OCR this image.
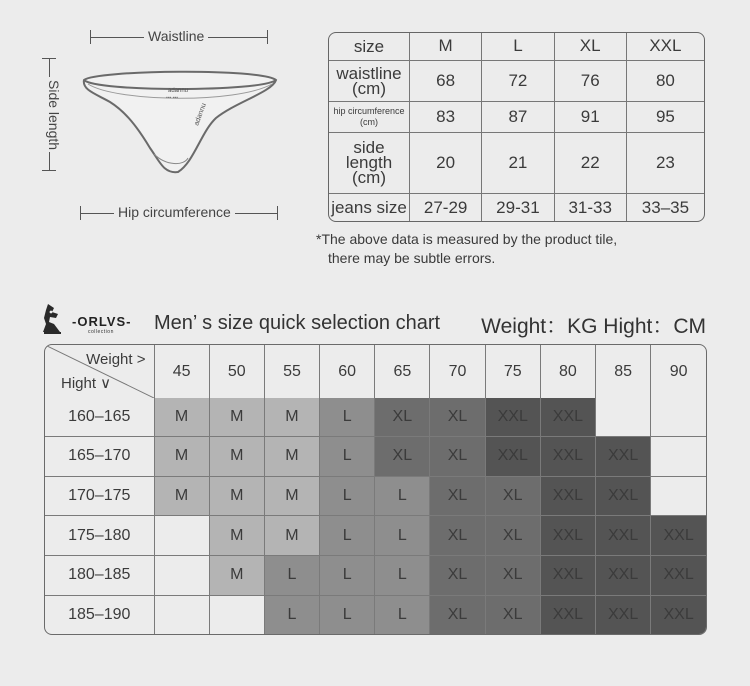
Waistline
Side length	adannu
▪▪▪ ▪▪▪
adannu
Hip circumference
size	M	L	XL	XXL
waistline
(cm)	68	72	76	80
hip circumference
(cm)	83	87	91	95
side length
(cm)	20	21	22	23
jeans size	27-29	29-31	31-33	33–35
*The above data is measured by the product tile,
there may be subtle errors.
-ORLVS-
collection Men’ s size quick selection chart Weight：KG Hight：CM
Weight >
Hight ∨	45	50	55	60	65	70	75	80	85	90
160–165	M	M	M	L	XL	XL	XXL	XXL		
165–170	M	M	M	L	XL	XL	XXL	XXL	XXL	
170–175	M	M	M	L	L	XL	XL	XXL	XXL	
175–180		M	M	L	L	XL	XL	XXL	XXL	XXL
180–185		M	L	L	L	XL	XL	XXL	XXL	XXL
185–190			L	L	L	XL	XL	XXL	XXL	XXL
